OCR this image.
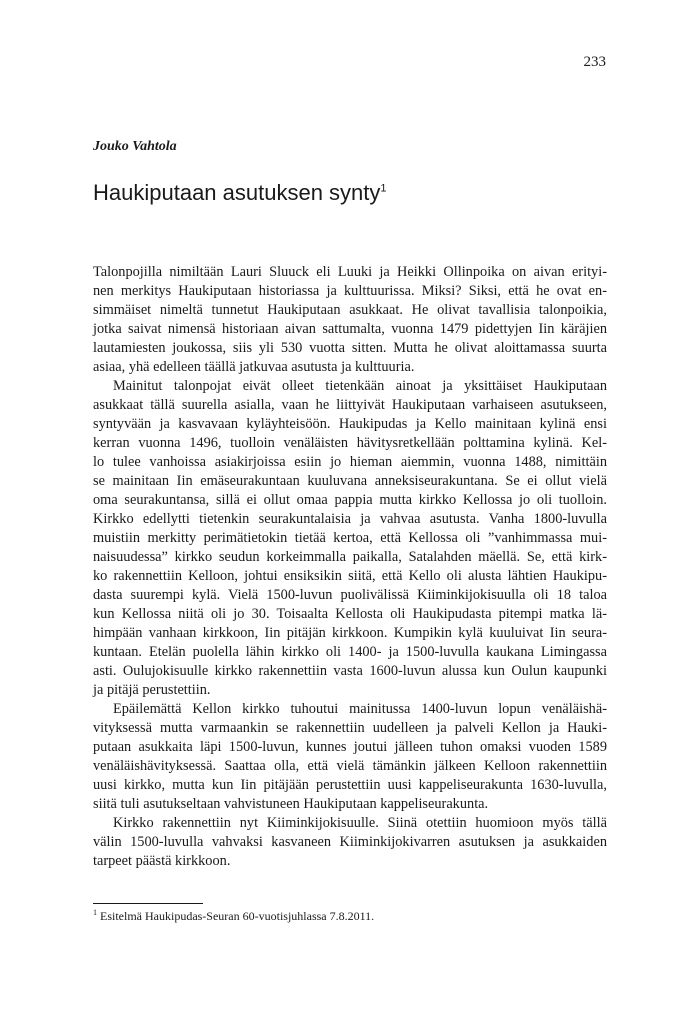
233
Jouko Vahtola
Haukiputaan asutuksen synty$^1$

Talonpojilla nimiltään Lauri Sluuck eli Luuki ja Heikki Ollinpoika on aivan erityi-
nen merkitys Haukiputaan historiassa ja kulttuurissa. Miksi? Siksi, että he ovat en-
simmäiset nimeltä tunnetut Haukiputaan asukkaat. He olivat tavallisia talonpoikia,
jotka saivat nimensä historiaan aivan sattumalta, vuonna 1479 pidettyjen Iin käräjien
lautamiesten joukossa, siis yli 530 vuotta sitten. Mutta he olivat aloittamassa suurta
asiaa, yhä edelleen täällä jatkuvaa asutusta ja kulttuuria.

Mainitut talonpojat eivät olleet tietenkään ainoat ja yksittäiset Haukiputaan
asukkaat tällä suurella asialla, vaan he liittyivät Haukiputaan varhaiseen asutukseen,
syntyvään ja kasvavaan kyläyhteisöön. Haukipudas ja Kello mainitaan kylinä ensi
kerran vuonna 1496, tuolloin venäläisten hävitysretkellään polttamina kylinä. Kel-
lo tulee vanhoissa asiakirjoissa esiin jo hieman aiemmin, vuonna 1488, nimittäin
se mainitaan Iin emäseurakuntaan kuuluvana anneksiseurakuntana. Se ei ollut vielä
oma seurakuntansa, sillä ei ollut omaa pappia mutta kirkko Kellossa jo oli tuolloin.
Kirkko edellytti tietenkin seurakuntalaisia ja vahvaa asutusta. Vanha 1800-luvulla
muistiin merkitty perimätietokin tietää kertoa, että Kellossa oli ”vanhimmassa mui-
naisuudessa” kirkko seudun korkeimmalla paikalla, Satalahden mäellä. Se, että kirk-
ko rakennettiin Kelloon, johtui ensiksikin siitä, että Kello oli alusta lähtien Haukipu-
dasta suurempi kylä. Vielä 1500-luvun puolivälissä Kiiminkijokisuulla oli 18 taloa
kun Kellossa niitä oli jo 30. Toisaalta Kellosta oli Haukipudasta pitempi matka lä-
himpään vanhaan kirkkoon, Iin pitäjän kirkkoon. Kumpikin kylä kuuluivat Iin seura-
kuntaan. Etelän puolella lähin kirkko oli 1400- ja 1500-luvulla kaukana Limingassa
asti. Oulujokisuulle kirkko rakennettiin vasta 1600-luvun alussa kun Oulun kaupunki
ja pitäjä perustettiin.

Epäilemättä Kellon kirkko tuhoutui mainitussa 1400-luvun lopun venäläishä-
vityksessä mutta varmaankin se rakennettiin uudelleen ja palveli Kellon ja Hauki-
putaan asukkaita läpi 1500-luvun, kunnes joutui jälleen tuhon omaksi vuoden 1589
venäläishävityksessä. Saattaa olla, että vielä tämänkin jälkeen Kelloon rakennettiin
uusi kirkko, mutta kun Iin pitäjään perustettiin uusi kappeliseurakunta 1630-luvulla,
siitä tuli asutukseltaan vahvistuneen Haukiputaan kappeliseurakunta.

Kirkko rakennettiin nyt Kiiminkijokisuulle. Siinä otettiin huomioon myös tällä
välin 1500-luvulla vahvaksi kasvaneen Kiiminkijokivarren asutuksen ja asukkaiden
tarpeet päästä kirkkoon.

$^1$ Esitelmä Haukipudas-Seuran 60-vuotisjuhlassa 7.8.2011.
